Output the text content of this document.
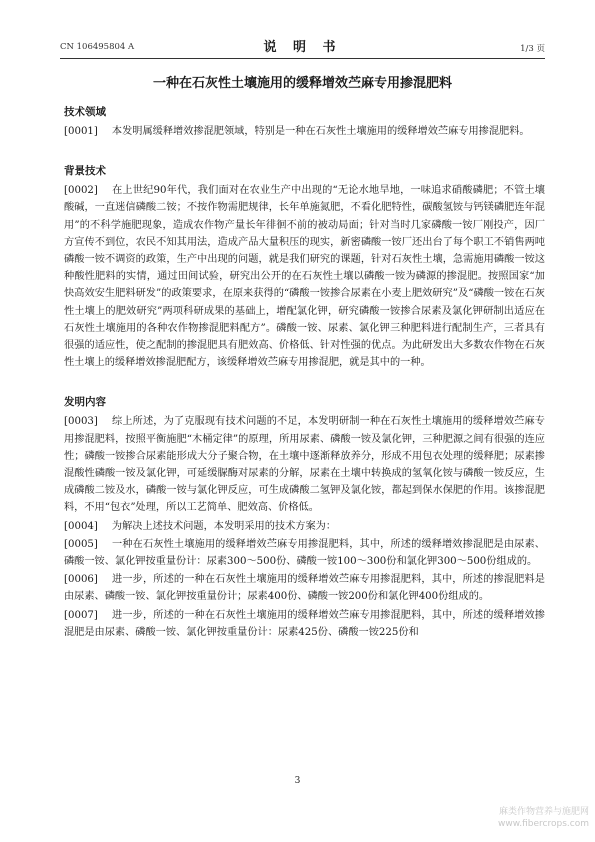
CN 106495804 A	说 明 书	1/3 页
一种在石灰性土壤施用的缓释增效苎麻专用掺混肥料
技术领域

[0001] 本发明属缓释增效掺混肥领域，特别是一种在石灰性土壤施用的缓释增效苎麻专用掺混肥料。

背景技术

[0002] 在上世纪90年代，我们面对在农业生产中出现的“无论水地旱地，一味追求硝酸磷肥；不管土壤酸碱，一直迷信磷酸二铵；不按作物需肥规律，长年单施氮肥，不看化肥特性，碳酸氢铵与钙镁磷肥连年混用”的不科学施肥现象，造成农作物产量长年徘徊不前的被动局面；针对当时几家磷酸一铵厂刚投产，因厂方宣传不到位，农民不知其用法，造成产品大量积压的现实，新密磷酸一铵厂还出台了每个职工不销售两吨磷酸一铵不调资的政策，生产中出现的问题，就是我们研究的课题，针对石灰性土壤，急需施用磷酸一铵这种酸性肥料的实情，通过田间试验，研究出公开的在石灰性土壤以磷酸一铵为磷源的掺混肥。按照国家“加快高效安生肥料研发”的政策要求，在原来获得的“磷酸一铵掺合尿素在小麦上肥效研究”及“磷酸一铵在石灰性土壤上的肥效研究”两项科研成果的基础上，增配氯化钾，研究磷酸一铵掺合尿素及氯化钾研制出适应在石灰性土壤施用的各种农作物掺混肥料配方”。磷酸一铵、尿素、氯化钾三种肥料进行配制生产，三者具有很强的适应性，使之配制的掺混肥具有肥效高、价格低、针对性强的优点。为此研发出大多数农作物在石灰性土壤上的缓释增效掺混肥配方，该缓释增效苎麻专用掺混肥，就是其中的一种。

发明内容

[0003] 综上所述，为了克服现有技术问题的不足，本发明研制一种在石灰性土壤施用的缓释增效苎麻专用掺混肥料，按照平衡施肥“木桶定律”的原理，所用尿素、磷酸一铵及氯化钾，三种肥源之间有很强的连应性；磷酸一铵掺合尿素能形成大分子聚合物，在土壤中逐渐释放养分，形成不用包衣处理的缓释肥；尿素掺混酸性磷酸一铵及氯化钾，可延缓脲酶对尿素的分解，尿素在土壤中转换成的氢氧化铵与磷酸一铵反应，生成磷酸二铵及水，磷酸一铵与氯化钾反应，可生成磷酸二氢钾及氯化铵，都起到保水保肥的作用。该掺混肥料，不用“包衣”处理，所以工艺简单、肥效高、价格低。

[0004] 为解决上述技术问题，本发明采用的技术方案为：

[0005] 一种在石灰性土壤施用的缓释增效苎麻专用掺混肥料，其中，所述的缓释增效掺混肥是由尿素、磷酸一铵、氯化钾按重量份计：尿素300～500份、磷酸一铵100～300份和氯化钾300～500份组成的。

[0006] 进一步，所述的一种在石灰性土壤施用的缓释增效苎麻专用掺混肥料，其中，所述的掺混肥料是由尿素、磷酸一铵、氯化钾按重量份计；尿素400份、磷酸一铵200份和氯化钾400份组成的。

[0007] 进一步，所述的一种在石灰性土壤施用的缓释增效苎麻专用掺混肥料，其中，所述的缓释增效掺混肥是由尿素、磷酸一铵、氯化钾按重量份计：尿素425份、磷酸一铵225份和

3
麻类作物营养与施肥网
www.fibercrops.com
